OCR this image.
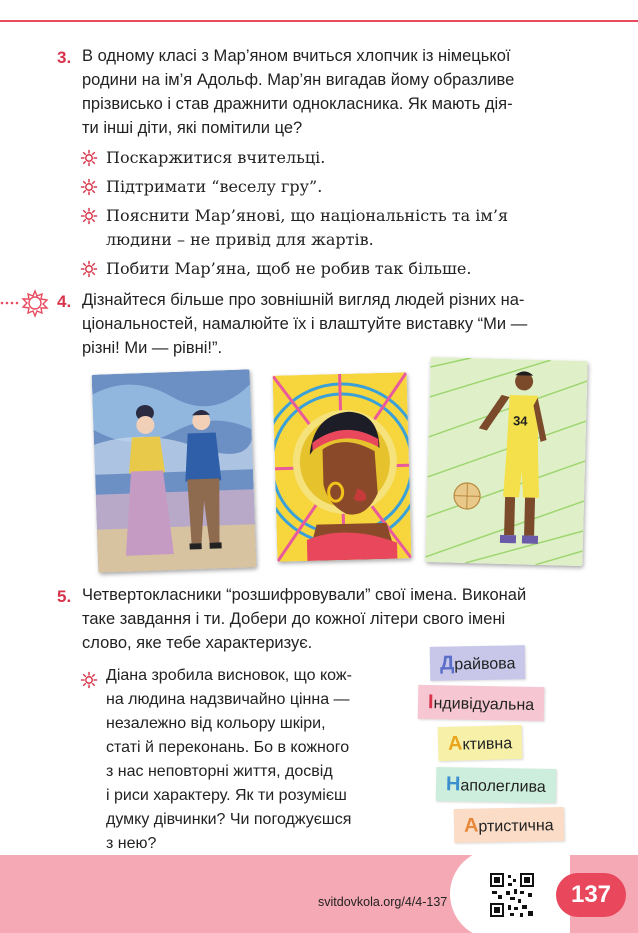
3. В одному класі з Мар’яном вчиться хлопчик із німецької

родини на ім’я Адольф. Мар’ян вигадав йому образливе

прізвисько і став дражнити однокласника. Як мають дія-

ти інші діти, які помітили це?

Поскаржитися вчительці.

Підтримати “веселу гру”.

Пояснити Мар’янові, що національність та ім’я

людини – не привід для жартів.

Побити Мар’яна, щоб не робив так більше.

4. Дізнайтеся більше про зовнішній вигляд людей різних на-

ціональностей, намалюйте їх і влаштуйте виставку “Ми —

різні! Ми — рівні!”.

34
5. Четвертокласники “розшифровували” свої імена. Виконай

таке завдання і ти. Добери до кожної літери свого імені

слово, яке тебе характеризує.

Діана зробила висновок, що кож-

на людина надзвичайно цінна —

незалежно від кольору шкіри,

статі й переконань. Бо в кожного

з нас неповторні життя, досвід

і риси характеру. Як ти розумієш

думку дівчинки? Чи погоджуєшся

з нею?

Драйвова
Індивідуальна
Активна
Наполеглива
Артистична
svitdovkola.org/4/4-137	137
